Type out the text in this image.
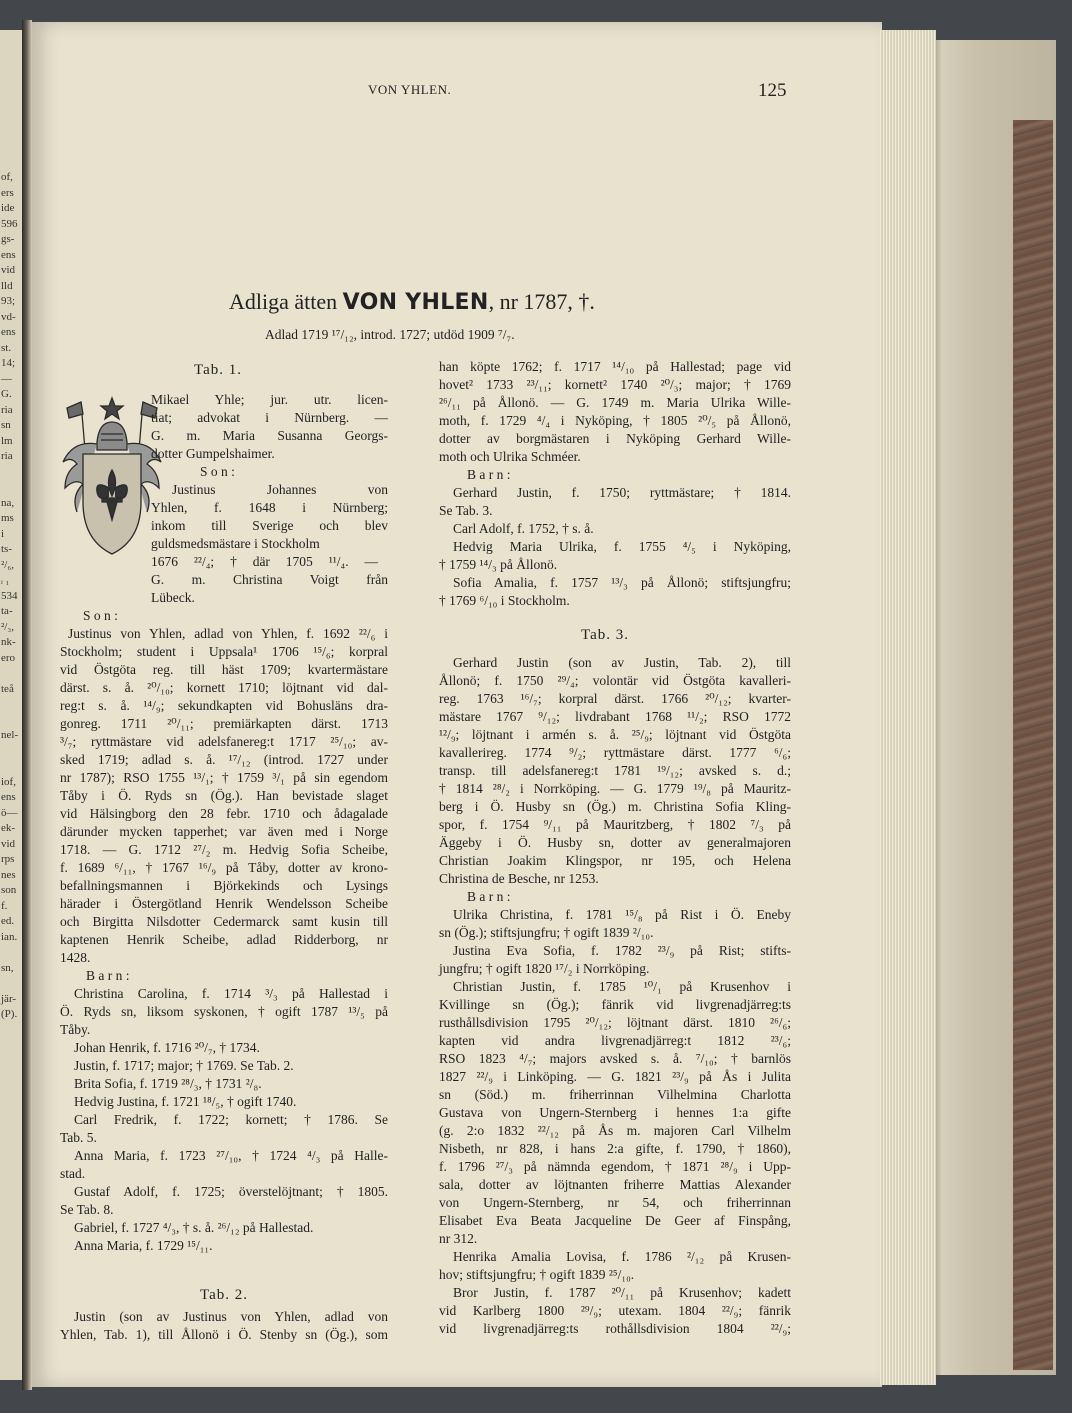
of,
ers
ide
596
gs-
ens
vid
lld
93;
vd-
ens
st.
14;
—
G.
ria
sn
lm
ria
na,
ms
i
ts-
²/₆,
ᵢ ₁
534
ta-
²/₃,
nk-
ero
teå
nel-
iof,
ens
ö—
ek-
vid
rps
nes
son
f.
ed.
ian.
sn,
jär-
(P).
VON YHLEN.	125
Adliga ätten VON YHLEN, nr 1787, †.
Adlad 1719 ¹⁷/₁₂, introd. 1727; utdöd 1909 ⁷/₇.
Tab. 1.
Tab. 2.
Tab. 3.
Mikael Yhle; jur. utr. licen-
tiat; advokat i Nürnberg. —
G. m. Maria Susanna Georgs-
dotter Gumpelshaimer.
S o n :
Justinus Johannes von
Yhlen, f. 1648 i Nürnberg;
inkom till Sverige och blev
guldsmedsmästare i Stockholm
1676 ²²/₄; † där 1705 ¹¹/₄. —
G. m. Christina Voigt från
Lübeck.
S o n :
Justinus von Yhlen, adlad von Yhlen, f. 1692 ²²/₆ i
Stockholm; student i Uppsala¹ 1706 ¹⁵/₆; korpral
vid Östgöta reg. till häst 1709; kvartermästare
därst. s. å. ²⁰/₁₀; kornett 1710; löjtnant vid dal-
reg:t s. å. ¹⁴/₉; sekundkapten vid Bohusläns dra-
gonreg. 1711 ²⁰/₁₁; premiärkapten därst. 1713
³/₇; ryttmästare vid adelsfanereg:t 1717 ²⁵/₁₀; av-
sked 1719; adlad s. å. ¹⁷/₁₂ (introd. 1727 under
nr 1787); RSO 1755 ¹³/₁; † 1759 ³/₁ på sin egendom
Tåby i Ö. Ryds sn (Ög.). Han bevistade slaget
vid Hälsingborg den 28 febr. 1710 och ådagalade
därunder mycken tapperhet; var även med i Norge
1718. — G. 1712 ²⁷/₂ m. Hedvig Sofia Scheibe,
f. 1689 ⁶/₁₁, † 1767 ¹⁶/₉ på Tåby, dotter av krono-
befallningsmannen i Björkekinds och Lysings
härader i Östergötland Henrik Wendelsson Scheibe
och Birgitta Nilsdotter Cedermarck samt kusin till
kaptenen Henrik Scheibe, adlad Ridderborg, nr
1428.
B a r n :
Christina Carolina, f. 1714 ³/₃ på Hallestad i
Ö. Ryds sn, liksom syskonen, † ogift 1787 ¹³/₅ på
Tåby.
Johan Henrik, f. 1716 ²⁰/₇, † 1734.
Justin, f. 1717; major; † 1769. Se Tab. 2.
Brita Sofia, f. 1719 ²⁸/₃, † 1731 ²/₈.
Hedvig Justina, f. 1721 ¹⁸/₅, † ogift 1740.
Carl Fredrik, f. 1722; kornett; † 1786. Se
Tab. 5.
Anna Maria, f. 1723 ²⁷/₁₀, † 1724 ⁴/₃ på Halle-
stad.
Gustaf Adolf, f. 1725; överstelöjtnant; † 1805.
Se Tab. 8.
Gabriel, f. 1727 ⁴/₃, † s. å. ²⁶/₁₂ på Hallestad.
Anna Maria, f. 1729 ¹⁵/₁₁.
Justin (son av Justinus von Yhlen, adlad von
Yhlen, Tab. 1), till Ållonö i Ö. Stenby sn (Ög.), som
han köpte 1762; f. 1717 ¹⁴/₁₀ på Hallestad; page vid
hovet² 1733 ²³/₁₁; kornett² 1740 ²⁰/₃; major; † 1769
²⁶/₁₁ på Ållonö. — G. 1749 m. Maria Ulrika Wille-
moth, f. 1729 ⁴/₄ i Nyköping, † 1805 ²⁰/₅ på Ållonö,
dotter av borgmästaren i Nyköping Gerhard Wille-
moth och Ulrika Schméer.
B a r n :
Gerhard Justin, f. 1750; ryttmästare; † 1814.
Se Tab. 3.
Carl Adolf, f. 1752, † s. å.
Hedvig Maria Ulrika, f. 1755 ⁴/₅ i Nyköping,
† 1759 ¹⁴/₃ på Ållonö.
Sofia Amalia, f. 1757 ¹³/₃ på Ållonö; stiftsjungfru;
† 1769 ⁶/₁₀ i Stockholm.
Gerhard Justin (son av Justin, Tab. 2), till
Ållonö; f. 1750 ²⁹/₄; volontär vid Östgöta kavalleri-
reg. 1763 ¹⁶/₇; korpral därst. 1766 ²⁰/₁₂; kvarter-
mästare 1767 ⁹/₁₂; livdrabant 1768 ¹¹/₂; RSO 1772
¹²/₉; löjtnant i armén s. å. ²⁵/₉; löjtnant vid Östgöta
kavallerireg. 1774 ⁹/₂; ryttmästare därst. 1777 ⁶/₆;
transp. till adelsfanereg:t 1781 ¹⁹/₁₂; avsked s. d.;
† 1814 ²⁸/₂ i Norrköping. — G. 1779 ¹⁹/₈ på Mauritz-
berg i Ö. Husby sn (Ög.) m. Christina Sofia Kling-
spor, f. 1754 ⁹/₁₁ på Mauritzberg, † 1802 ⁷/₃ på
Äggeby i Ö. Husby sn, dotter av generalmajoren
Christian Joakim Klingspor, nr 195, och Helena
Christina de Besche, nr 1253.
B a r n :
Ulrika Christina, f. 1781 ¹⁵/₈ på Rist i Ö. Eneby
sn (Ög.); stiftsjungfru; † ogift 1839 ²/₁₀.
Justina Eva Sofia, f. 1782 ²³/₉ på Rist; stifts-
jungfru; † ogift 1820 ¹⁷/₂ i Norrköping.
Christian Justin, f. 1785 ¹⁰/₁ på Krusenhov i
Kvillinge sn (Ög.); fänrik vid livgrenadjärreg:ts
rusthållsdivision 1795 ²⁰/₁₂; löjtnant därst. 1810 ²⁶/₆;
kapten vid andra livgrenadjärreg:t 1812 ²³/₆;
RSO 1823 ⁴/₇; majors avsked s. å. ⁷/₁₀; † barnlös
1827 ²²/₉ i Linköping. — G. 1821 ²³/₉ på Ås i Julita
sn (Söd.) m. friherrinnan Vilhelmina Charlotta
Gustava von Ungern-Sternberg i hennes 1:a gifte
(g. 2:o 1832 ²²/₁₂ på Ås m. majoren Carl Vilhelm
Nisbeth, nr 828, i hans 2:a gifte, f. 1790, † 1860),
f. 1796 ²⁷/₃ på nämnda egendom, † 1871 ²⁸/₉ i Upp-
sala, dotter av löjtnanten friherre Mattias Alexander
von Ungern-Sternberg, nr 54, och friherrinnan
Elisabet Eva Beata Jacqueline De Geer af Finspång,
nr 312.
Henrika Amalia Lovisa, f. 1786 ²/₁₂ på Krusen-
hov; stiftsjungfru; † ogift 1839 ²⁵/₁₀.
Bror Justin, f. 1787 ²⁰/₁₁ på Krusenhov; kadett
vid Karlberg 1800 ²⁹/₉; utexam. 1804 ²²/₉; fänrik
vid livgrenadjärreg:ts rothållsdivision 1804 ²²/₉;
